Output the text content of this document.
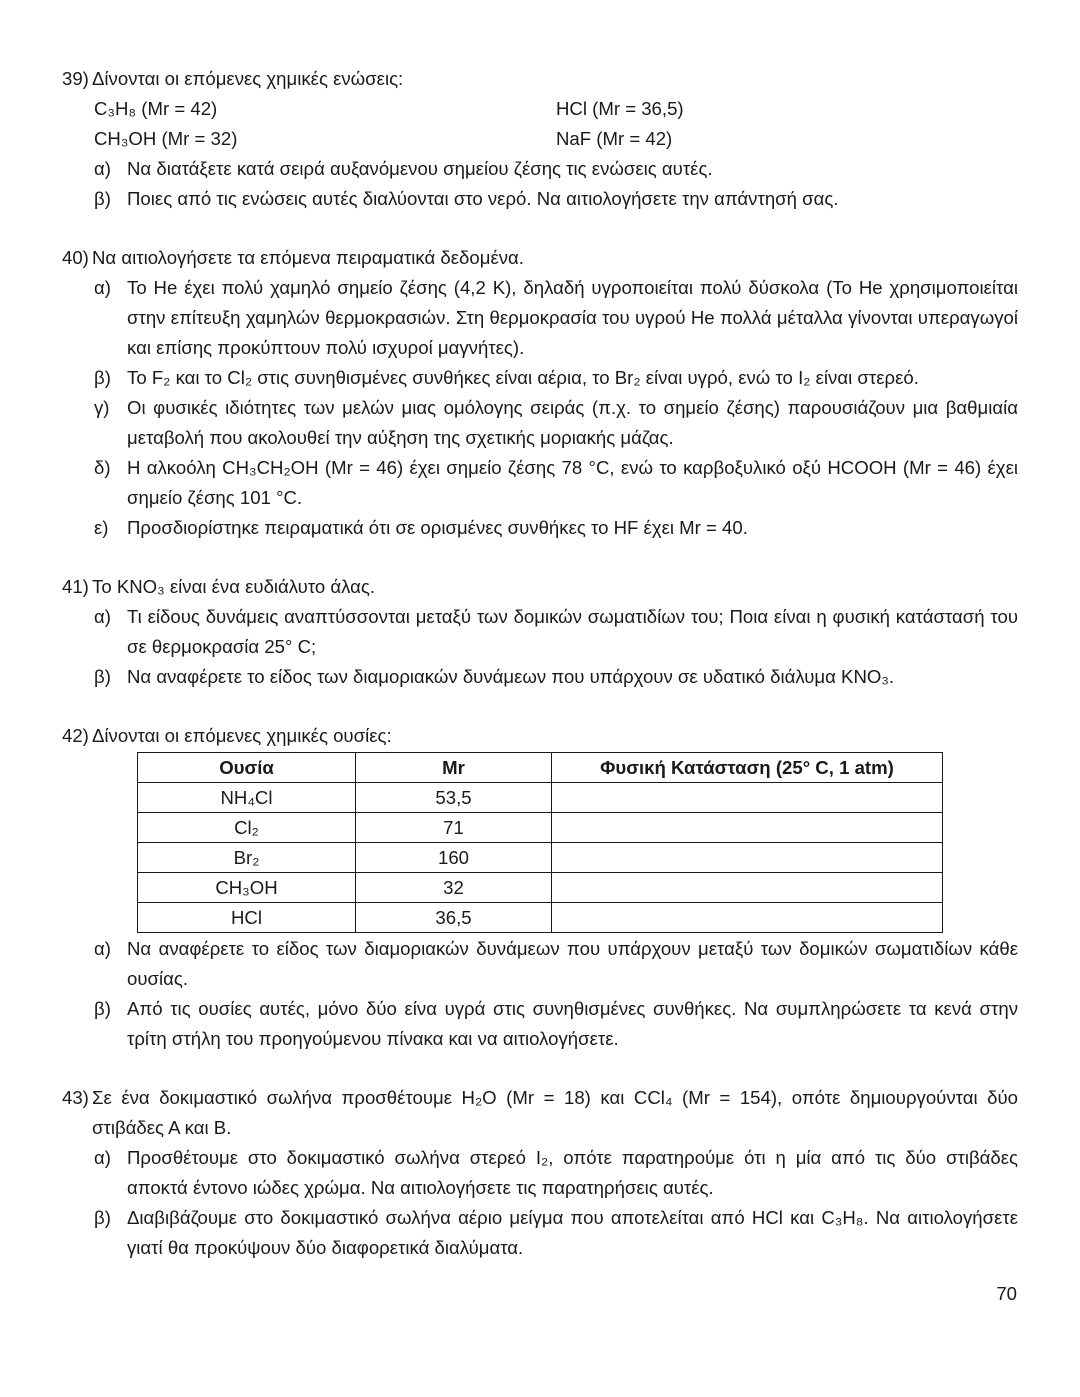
39) Δίνονται οι επόμενες χημικές ενώσεις:
C₃H₈ (Mr = 42)	HCl (Mr = 36,5)
CH₃OH (Mr = 32)	NaF (Mr = 42)
α) Να διατάξετε κατά σειρά αυξανόμενου σημείου ζέσης τις ενώσεις αυτές.
β) Ποιες από τις ενώσεις αυτές διαλύονται στο νερό. Να αιτιολογήσετε την απάντησή σας.
40) Να αιτιολογήσετε τα επόμενα πειραματικά δεδομένα.
α) Το He έχει πολύ χαμηλό σημείο ζέσης (4,2 K), δηλαδή υγροποιείται πολύ δύσκολα (Το He χρησιμοποιείται στην επίτευξη χαμηλών θερμοκρασιών. Στη θερμοκρασία του υγρού He πολλά μέταλλα γίνονται υπεραγωγοί και επίσης προκύπτουν πολύ ισχυροί μαγνήτες).
β) Το F₂ και το Cl₂ στις συνηθισμένες συνθήκες είναι αέρια, το Br₂ είναι υγρό, ενώ το I₂ είναι στερεό.
γ) Οι φυσικές ιδιότητες των μελών μιας ομόλογης σειράς (π.χ. το σημείο ζέσης) παρουσιάζουν μια βαθμιαία μεταβολή που ακολουθεί την αύξηση της σχετικής μοριακής μάζας.
δ) Η αλκοόλη CH₃CH₂OH (Mr = 46) έχει σημείο ζέσης 78 °C, ενώ το καρβοξυλικό οξύ HCOOH (Mr = 46) έχει σημείο ζέσης 101 °C.
ε) Προσδιορίστηκε πειραματικά ότι σε ορισμένες συνθήκες το HF έχει Mr = 40.
41) Το KNO₃ είναι ένα ευδιάλυτο άλας.
α) Τι είδους δυνάμεις αναπτύσσονται μεταξύ των δομικών σωματιδίων του; Ποια είναι η φυσική κατάστασή του σε θερμοκρασία 25° C;
β) Να αναφέρετε το είδος των διαμοριακών δυνάμεων που υπάρχουν σε υδατικό διάλυμα KNO₃.
42) Δίνονται οι επόμενες χημικές ουσίες:
Ουσία	Mr	Φυσική Κατάσταση (25° C, 1 atm)
NH₄Cl	53,5	
Cl₂	71	
Br₂	160	
CH₃OH	32	
HCl	36,5	
α) Να αναφέρετε το είδος των διαμοριακών δυνάμεων που υπάρχουν μεταξύ των δομικών σωματιδίων κάθε ουσίας.
β) Από τις ουσίες αυτές, μόνο δύο είνα υγρά στις συνηθισμένες συνθήκες. Να συμπληρώσετε τα κενά στην τρίτη στήλη του προηγούμενου πίνακα και να αιτιολογήσετε.
43) Σε ένα δοκιμαστικό σωλήνα προσθέτουμε H₂O (Mr = 18) και CCl₄ (Mr = 154), οπότε δημιουργούνται δύο στιβάδες Α και Β.
α) Προσθέτουμε στο δοκιμαστικό σωλήνα στερεό I₂, οπότε παρατηρούμε ότι η μία από τις δύο στιβάδες αποκτά έντονο ιώδες χρώμα. Να αιτιολογήσετε τις παρατηρήσεις αυτές.
β) Διαβιβάζουμε στο δοκιμαστικό σωλήνα αέριο μείγμα που αποτελείται από HCl και C₃H₈. Να αιτιολογήσετε γιατί θα προκύψουν δύο διαφορετικά διαλύματα.
70
